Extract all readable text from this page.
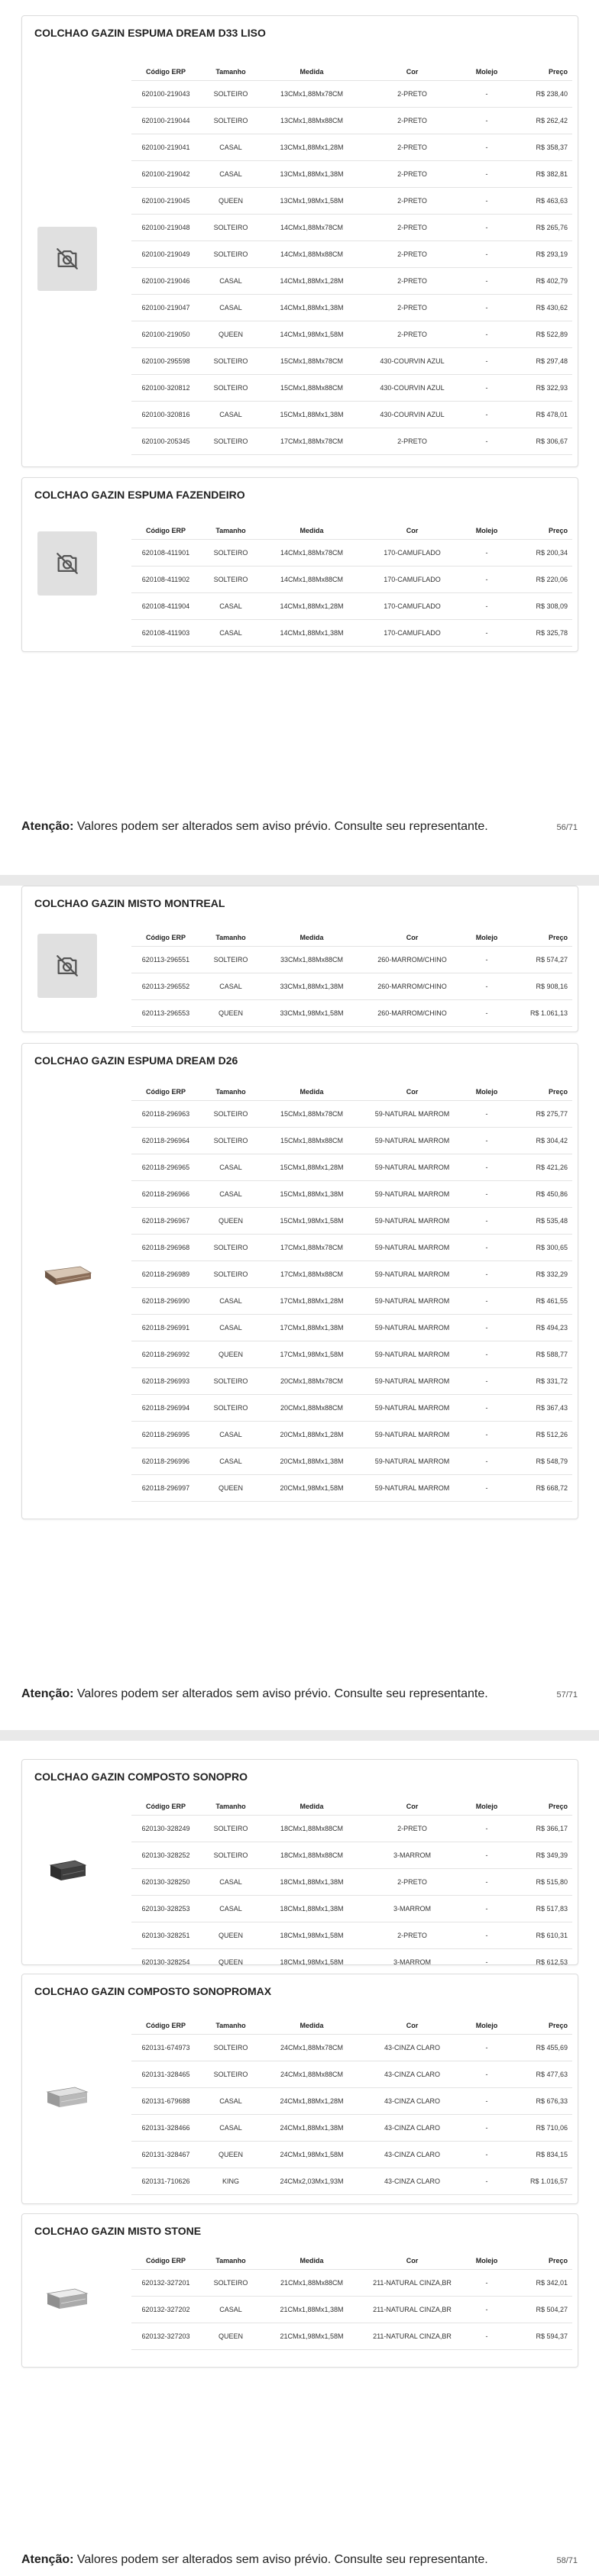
COLCHAO GAZIN ESPUMA DREAM D33 LISO
Código ERP	Tamanho	Medida	Cor	Molejo	Preço
620100-219043	SOLTEIRO	13CMx1,88Mx78CM	2-PRETO	-	R$ 238,40
620100-219044	SOLTEIRO	13CMx1,88Mx88CM	2-PRETO	-	R$ 262,42
620100-219041	CASAL	13CMx1,88Mx1,28M	2-PRETO	-	R$ 358,37
620100-219042	CASAL	13CMx1,88Mx1,38M	2-PRETO	-	R$ 382,81
620100-219045	QUEEN	13CMx1,98Mx1,58M	2-PRETO	-	R$ 463,63
620100-219048	SOLTEIRO	14CMx1,88Mx78CM	2-PRETO	-	R$ 265,76
620100-219049	SOLTEIRO	14CMx1,88Mx88CM	2-PRETO	-	R$ 293,19
620100-219046	CASAL	14CMx1,88Mx1,28M	2-PRETO	-	R$ 402,79
620100-219047	CASAL	14CMx1,88Mx1,38M	2-PRETO	-	R$ 430,62
620100-219050	QUEEN	14CMx1,98Mx1,58M	2-PRETO	-	R$ 522,89
620100-295598	SOLTEIRO	15CMx1,88Mx78CM	430-COURVIN AZUL	-	R$ 297,48
620100-320812	SOLTEIRO	15CMx1,88Mx88CM	430-COURVIN AZUL	-	R$ 322,93
620100-320816	CASAL	15CMx1,88Mx1,38M	430-COURVIN AZUL	-	R$ 478,01
620100-205345	SOLTEIRO	17CMx1,88Mx78CM	2-PRETO	-	R$ 306,67
COLCHAO GAZIN ESPUMA FAZENDEIRO
Código ERP	Tamanho	Medida	Cor	Molejo	Preço
620108-411901	SOLTEIRO	14CMx1,88Mx78CM	170-CAMUFLADO	-	R$ 200,34
620108-411902	SOLTEIRO	14CMx1,88Mx88CM	170-CAMUFLADO	-	R$ 220,06
620108-411904	CASAL	14CMx1,88Mx1,28M	170-CAMUFLADO	-	R$ 308,09
620108-411903	CASAL	14CMx1,88Mx1,38M	170-CAMUFLADO	-	R$ 325,78
Atenção: Valores podem ser alterados sem aviso prévio. Consulte seu representante.	56/71
COLCHAO GAZIN MISTO MONTREAL
Código ERP	Tamanho	Medida	Cor	Molejo	Preço
620113-296551	SOLTEIRO	33CMx1,88Mx88CM	260-MARROM/CHINO	-	R$ 574,27
620113-296552	CASAL	33CMx1,88Mx1,38M	260-MARROM/CHINO	-	R$ 908,16
620113-296553	QUEEN	33CMx1,98Mx1,58M	260-MARROM/CHINO	-	R$ 1.061,13
COLCHAO GAZIN ESPUMA DREAM D26
Código ERP	Tamanho	Medida	Cor	Molejo	Preço
620118-296963	SOLTEIRO	15CMx1,88Mx78CM	59-NATURAL MARROM	-	R$ 275,77
620118-296964	SOLTEIRO	15CMx1,88Mx88CM	59-NATURAL MARROM	-	R$ 304,42
620118-296965	CASAL	15CMx1,88Mx1,28M	59-NATURAL MARROM	-	R$ 421,26
620118-296966	CASAL	15CMx1,88Mx1,38M	59-NATURAL MARROM	-	R$ 450,86
620118-296967	QUEEN	15CMx1,98Mx1,58M	59-NATURAL MARROM	-	R$ 535,48
620118-296968	SOLTEIRO	17CMx1,88Mx78CM	59-NATURAL MARROM	-	R$ 300,65
620118-296989	SOLTEIRO	17CMx1,88Mx88CM	59-NATURAL MARROM	-	R$ 332,29
620118-296990	CASAL	17CMx1,88Mx1,28M	59-NATURAL MARROM	-	R$ 461,55
620118-296991	CASAL	17CMx1,88Mx1,38M	59-NATURAL MARROM	-	R$ 494,23
620118-296992	QUEEN	17CMx1,98Mx1,58M	59-NATURAL MARROM	-	R$ 588,77
620118-296993	SOLTEIRO	20CMx1,88Mx78CM	59-NATURAL MARROM	-	R$ 331,72
620118-296994	SOLTEIRO	20CMx1,88Mx88CM	59-NATURAL MARROM	-	R$ 367,43
620118-296995	CASAL	20CMx1,88Mx1,28M	59-NATURAL MARROM	-	R$ 512,26
620118-296996	CASAL	20CMx1,88Mx1,38M	59-NATURAL MARROM	-	R$ 548,79
620118-296997	QUEEN	20CMx1,98Mx1,58M	59-NATURAL MARROM	-	R$ 668,72
Atenção: Valores podem ser alterados sem aviso prévio. Consulte seu representante.	57/71
COLCHAO GAZIN COMPOSTO SONOPRO
Código ERP	Tamanho	Medida	Cor	Molejo	Preço
620130-328249	SOLTEIRO	18CMx1,88Mx88CM	2-PRETO	-	R$ 366,17
620130-328252	SOLTEIRO	18CMx1,88Mx88CM	3-MARROM	-	R$ 349,39
620130-328250	CASAL	18CMx1,88Mx1,38M	2-PRETO	-	R$ 515,80
620130-328253	CASAL	18CMx1,88Mx1,38M	3-MARROM	-	R$ 517,83
620130-328251	QUEEN	18CMx1,98Mx1,58M	2-PRETO	-	R$ 610,31
620130-328254	QUEEN	18CMx1,98Mx1,58M	3-MARROM	-	R$ 612,53
COLCHAO GAZIN COMPOSTO SONOPROMAX
Código ERP	Tamanho	Medida	Cor	Molejo	Preço
620131-674973	SOLTEIRO	24CMx1,88Mx78CM	43-CINZA CLARO	-	R$ 455,69
620131-328465	SOLTEIRO	24CMx1,88Mx88CM	43-CINZA CLARO	-	R$ 477,63
620131-679688	CASAL	24CMx1,88Mx1,28M	43-CINZA CLARO	-	R$ 676,33
620131-328466	CASAL	24CMx1,88Mx1,38M	43-CINZA CLARO	-	R$ 710,06
620131-328467	QUEEN	24CMx1,98Mx1,58M	43-CINZA CLARO	-	R$ 834,15
620131-710626	KING	24CMx2,03Mx1,93M	43-CINZA CLARO	-	R$ 1.016,57
COLCHAO GAZIN MISTO STONE
Código ERP	Tamanho	Medida	Cor	Molejo	Preço
620132-327201	SOLTEIRO	21CMx1,88Mx88CM	211-NATURAL CINZA,BR	-	R$ 342,01
620132-327202	CASAL	21CMx1,88Mx1,38M	211-NATURAL CINZA,BR	-	R$ 504,27
620132-327203	QUEEN	21CMx1,98Mx1,58M	211-NATURAL CINZA,BR	-	R$ 594,37
Atenção: Valores podem ser alterados sem aviso prévio. Consulte seu representante.	58/71
